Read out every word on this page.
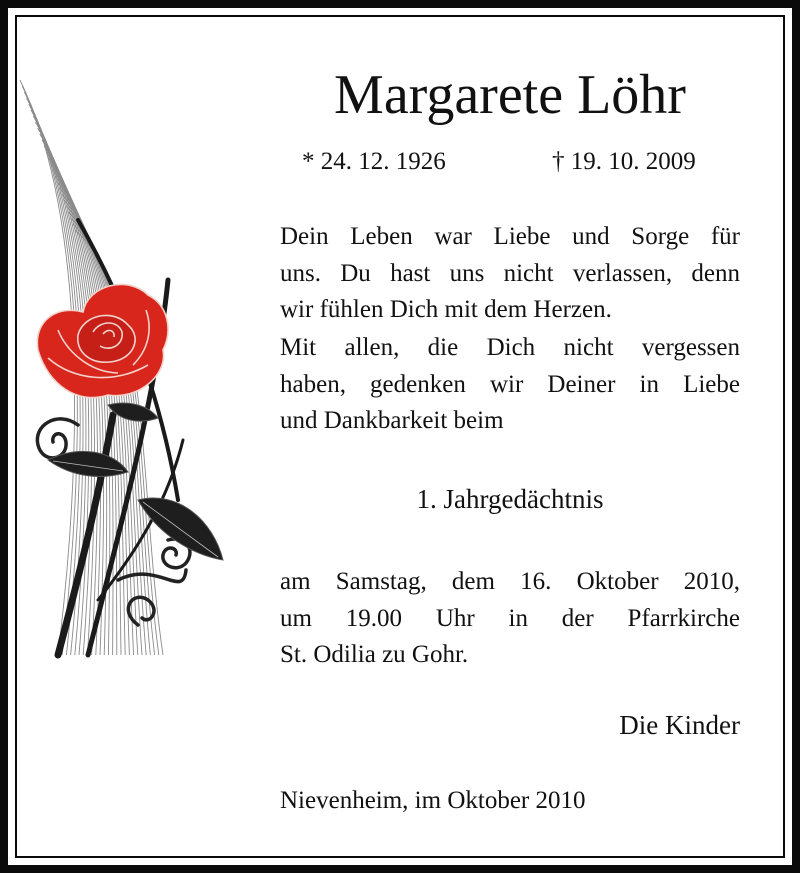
Margarete Löhr
* 24. 12. 1926	† 19. 10. 2009
Dein Leben war Liebe und Sorge für
uns. Du hast uns nicht verlassen, denn
wir fühlen Dich mit dem Herzen.
Mit allen, die Dich nicht vergessen
haben, gedenken wir Deiner in Liebe
und Dankbarkeit beim
1. Jahrgedächtnis
am Samstag, dem 16. Oktober 2010,
um 19.00 Uhr in der Pfarrkirche
St. Odilia zu Gohr.
Die Kinder
Nievenheim, im Oktober 2010
